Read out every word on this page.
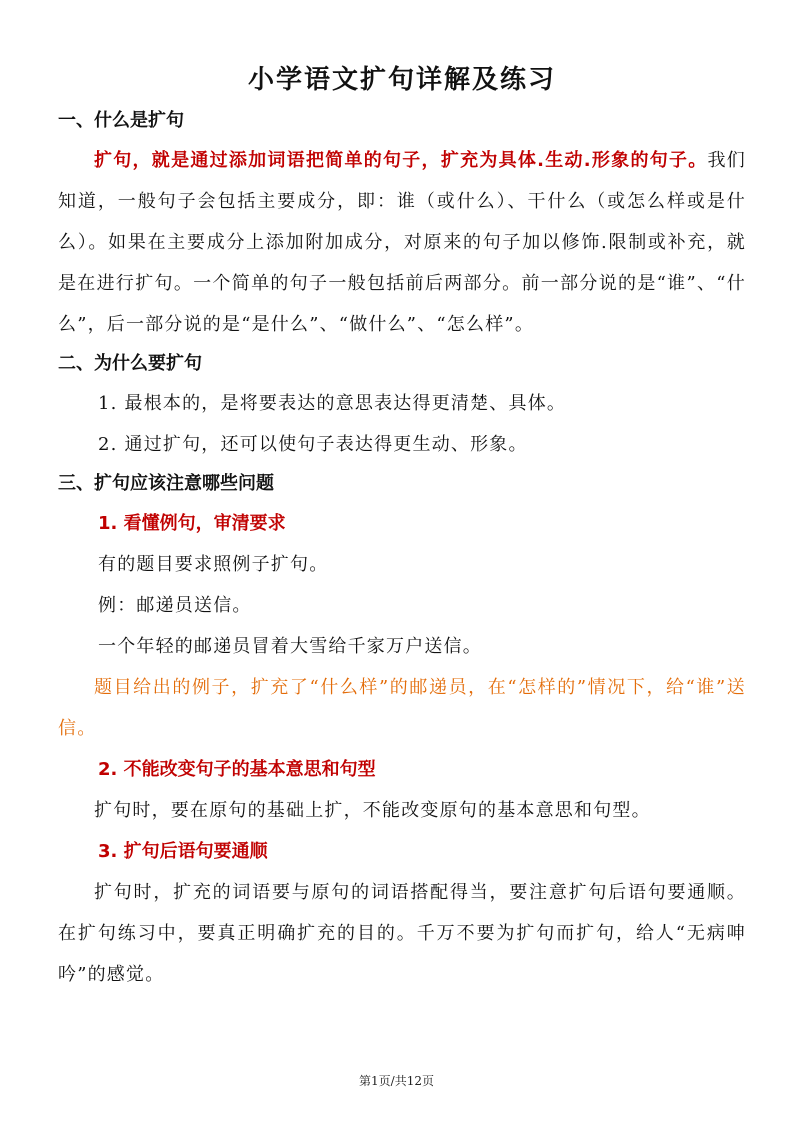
小学语文扩句详解及练习
一、什么是扩句

扩句，就是通过添加词语把简单的句子，扩充为具体.生动.形象的句子。我们知道，一般句子会包括主要成分，即：谁（或什么）、干什么（或怎么样或是什么）。如果在主要成分上添加附加成分，对原来的句子加以修饰.限制或补充，就是在进行扩句。一个简单的句子一般包括前后两部分。前一部分说的是“谁”、“什么”，后一部分说的是“是什么”、“做什么”、“怎么样”。

二、为什么要扩句
1. 最根本的，是将要表达的意思表达得更清楚、具体。
2. 通过扩句，还可以使句子表达得更生动、形象。
三、扩句应该注意哪些问题
1. 看懂例句，审清要求
有的题目要求照例子扩句。
例：邮递员送信。
一个年轻的邮递员冒着大雪给千家万户送信。

题目给出的例子，扩充了“什么样”的邮递员，在“怎样的”情况下，给“谁”送信。

2. 不能改变句子的基本意思和句型

扩句时，要在原句的基础上扩，不能改变原句的基本意思和句型。

3. 扩句后语句要通顺

扩句时，扩充的词语要与原句的词语搭配得当，要注意扩句后语句要通顺。在扩句练习中，要真正明确扩充的目的。千万不要为扩句而扩句，给人“无病呻吟”的感觉。

第1页/共12页
